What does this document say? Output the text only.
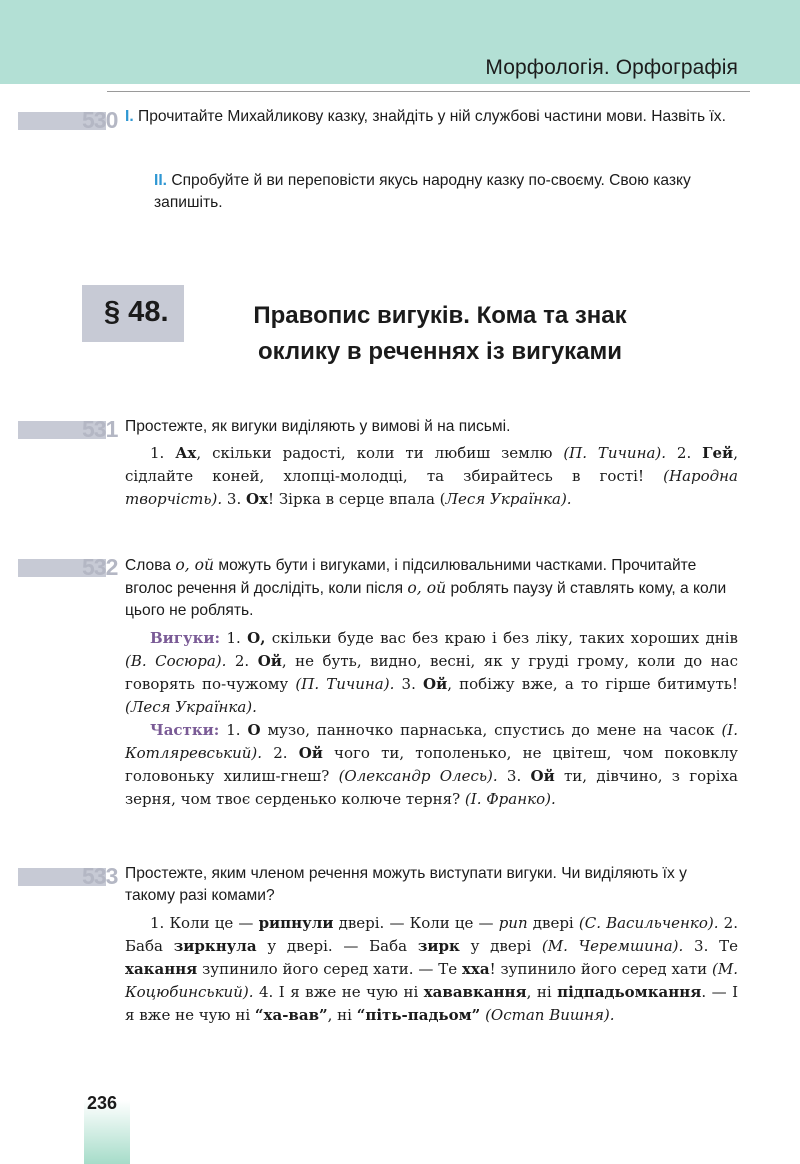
Морфологія. Орфографія
530 I. Прочитайте Михайликову казку, знайдіть у ній службові частини мови. Назвіть їх.
II. Спробуйте й ви переповісти якусь народну казку по-своєму. Свою казку запишіть.
§ 48.	Правопис вигуків. Кома та знак
оклику в реченнях із вигуками
531 Простежте, як вигуки виділяють у вимові й на письмі.

1. Ах, скільки радості, коли ти любиш землю (П. Тичина). 2. Гей, сідлайте коней, хлопці-молодці, та збирайтесь в гості! (Народна творчість). 3. Ох! Зірка в серце впала (Леся Українка).

532 Слова о, ой можуть бути і вигуками, і підсилювальними частками. Прочитайте вголос речення й дослідіть, коли після о, ой роблять паузу й ставлять кому, а коли цього не роблять.

Вигуки: 1. О, скільки буде вас без краю і без ліку, таких хороших днів (В. Сосюра). 2. Ой, не буть, видно, весні, як у груді грому, коли до нас говорять по-чужому (П. Тичина). 3. Ой, побіжу вже, а то гірше битимуть! (Леся Українка).

Частки: 1. О музо, панночко парнаська, спустись до мене на часок (І. Котляревський). 2. Ой чого ти, тополенько, не цвітеш, чом поковклу головоньку хилиш-гнеш? (Олександр Олесь). 3. Ой ти, дівчино, з горіха зерня, чом твоє серденько колюче терня? (І. Франко).

533 Простежте, яким членом речення можуть виступати вигуки. Чи виділяють їх у такому разі комами?

1. Коли це — рипнули двері. — Коли це — рип двері (С. Васильченко). 2. Баба зиркнула у двері. — Баба зирк у двері (М. Черемшина). 3. Те хакання зупинило його серед хати. — Те хха! зупинило його серед хати (М. Коцюбинський). 4. І я вже не чую ні хававкання, ні підпадьомкання. — І я вже не чую ні “ха-вав”, ні “піть-падьом” (Остап Вишня).

236
